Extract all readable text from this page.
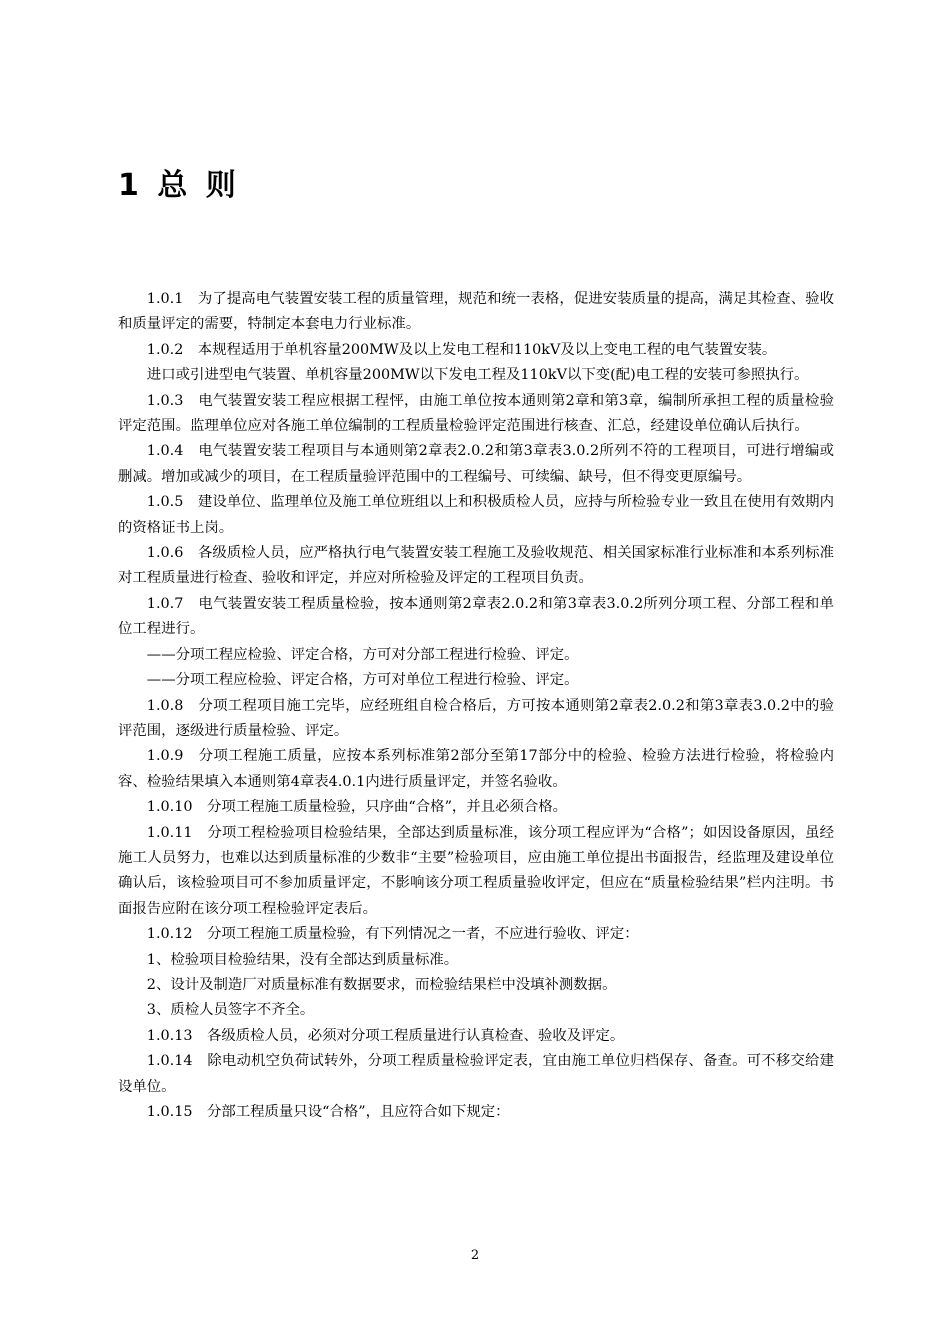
1 总 则

1.0.1　为了提高电气装置安装工程的质量管理，规范和统一表格，促进安装质量的提高，满足其检查、验收和质量评定的需要，特制定本套电力行业标准。

1.0.2　本规程适用于单机容量200MW及以上发电工程和110kV及以上变电工程的电气装置安装。

进口或引进型电气装置、单机容量200MW以下发电工程及110kV以下变(配)电工程的安装可参照执行。

1.0.3　电气装置安装工程应根据工程怦，由施工单位按本通则第2章和第3章，编制所承担工程的质量检验评定范围。监理单位应对各施工单位编制的工程质量检验评定范围进行核查、汇总，经建设单位确认后执行。

1.0.4　电气装置安装工程项目与本通则第2章表2.0.2和第3章表3.0.2所列不符的工程项目，可进行增编或删减。增加或减少的项目，在工程质量验评范围中的工程编号、可续编、缺号，但不得变更原编号。

1.0.5　建设单位、监理单位及施工单位班组以上和积极质检人员，应持与所检验专业一致且在使用有效期内的资格证书上岗。

1.0.6　各级质检人员，应严格执行电气装置安装工程施工及验收规范、相关国家标准行业标准和本系列标准对工程质量进行检查、验收和评定，并应对所检验及评定的工程项目负责。

1.0.7　电气装置安装工程质量检验，按本通则第2章表2.0.2和第3章表3.0.2所列分项工程、分部工程和单位工程进行。

——分项工程应检验、评定合格，方可对分部工程进行检验、评定。

——分项工程应检验、评定合格，方可对单位工程进行检验、评定。

1.0.8　分项工程项目施工完毕，应经班组自检合格后，方可按本通则第2章表2.0.2和第3章表3.0.2中的验评范围，逐级进行质量检验、评定。

1.0.9　分项工程施工质量，应按本系列标准第2部分至第17部分中的检验、检验方法进行检验，将检验内容、检验结果填入本通则第4章表4.0.1内进行质量评定，并签名验收。

1.0.10　分项工程施工质量检验，只序曲“合格”，并且必须合格。

1.0.11　分项工程检验项目检验结果，全部达到质量标准，该分项工程应评为“合格”；如因设备原因，虽经施工人员努力，也难以达到质量标准的少数非“主要”检验项目，应由施工单位提出书面报告，经监理及建设单位确认后，该检验项目可不参加质量评定，不影响该分项工程质量验收评定，但应在“质量检验结果”栏内注明。书面报告应附在该分项工程检验评定表后。

1.0.12　分项工程施工质量检验，有下列情况之一者，不应进行验收、评定：

1、检验项目检验结果，没有全部达到质量标准。

2、设计及制造厂对质量标准有数据要求，而检验结果栏中没填补测数据。

3、质检人员签字不齐全。

1.0.13　各级质检人员，必须对分项工程质量进行认真检查、验收及评定。

1.0.14　除电动机空负荷试转外，分项工程质量检验评定表，宜由施工单位归档保存、备查。可不移交给建设单位。

1.0.15　分部工程质量只设“合格”，且应符合如下规定：

2
